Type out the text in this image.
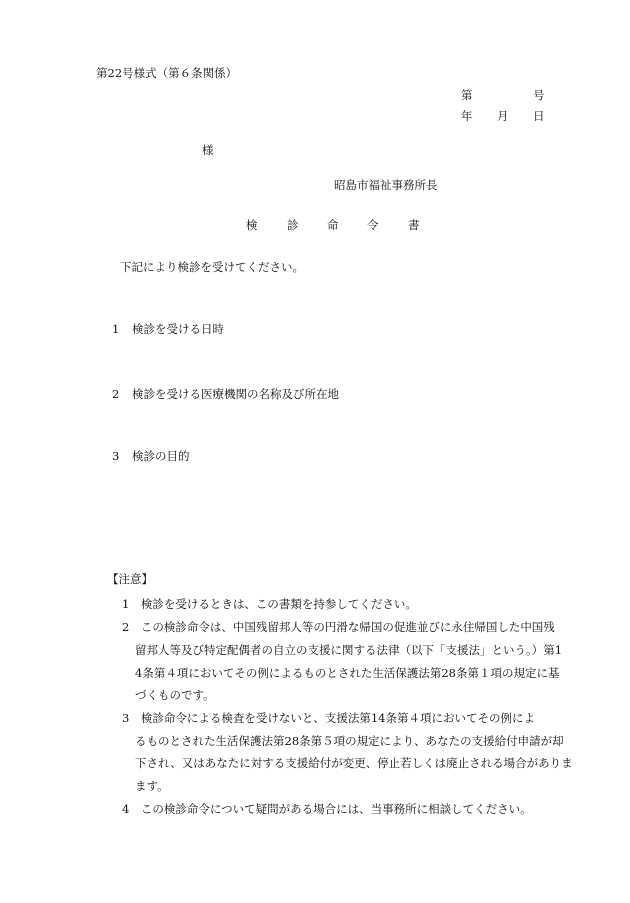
第22号様式（第６条関係）
第	号
年 月 日
様
昭島市福祉事務所長
検	診 命 令	書
下記により検診を受けてください。
1 検診を受ける日時
2 検診を受ける医療機関の名称及び所在地
3 検診の目的
【注意】
1　検診を受けるときは、この書類を持参してください。
2　この検診命令は、中国残留邦人等の円滑な帰国の促進並びに永住帰国した中国残
留邦人等及び特定配偶者の自立の支援に関する法律（以下「支援法」という。）第1
4条第４項においてその例によるものとされた生活保護法第28条第１項の規定に基
づくものです。
3　検診命令による検査を受けないと、支援法第14条第４項においてその例によ
るものとされた生活保護法第28条第５項の規定により、あなたの支援給付申請が却
下され、又はあなたに対する支援給付が変更、停止若しくは廃止される場合がありま
ます。
4　この検診命令について疑問がある場合には、当事務所に相談してください。
